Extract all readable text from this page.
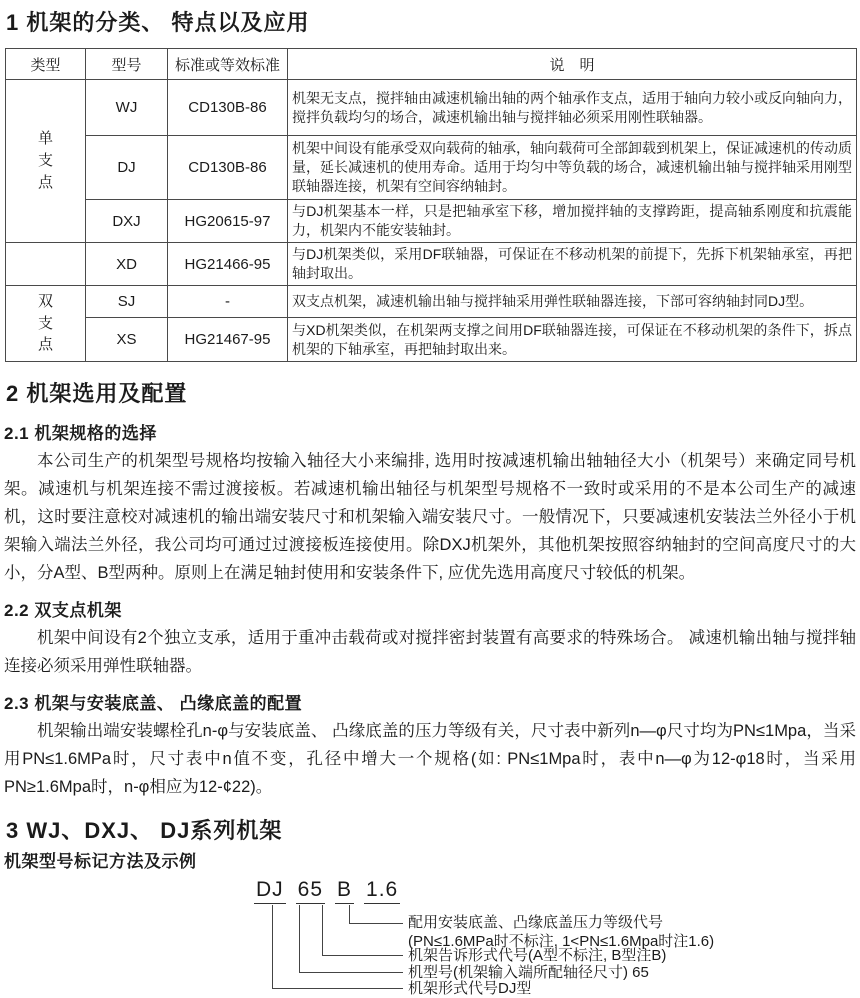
1 机架的分类、 特点以及应用
类型	型号	标准或等效标准	说　明
单支点	WJ	CD130B-86	机架无支点，搅拌轴由减速机输出轴的两个轴承作支点，适用于轴向力较小或反向轴向力，搅拌负载均匀的场合，减速机输出轴与搅拌轴必须采用刚性联轴器。
	DJ	CD130B-86	机架中间设有能承受双向载荷的轴承，轴向载荷可全部卸载到机架上，保证减速机的传动质量，延长减速机的使用寿命。适用于均匀中等负载的场合，减速机输出轴与搅拌轴采用刚型联轴器连接，机架有空间容纳轴封。
	DXJ	HG20615-97	与DJ机架基本一样，只是把轴承室下移，增加搅拌轴的支撑跨距，提高轴系刚度和抗震能力，机架内不能安装轴封。
	XD	HG21466-95	与DJ机架类似，采用DF联轴器，可保证在不移动机架的前提下，先拆下机架轴承室，再把轴封取出。
双支点	SJ	-	双支点机架，减速机输出轴与搅拌轴采用弹性联轴器连接，下部可容纳轴封同DJ型。
	XS	HG21467-95	与XD机架类似，在机架两支撑之间用DF联轴器连接，可保证在不移动机架的条件下，拆点机架的下轴承室，再把轴封取出来。
2 机架选用及配置
2.1 机架规格的选择

本公司生产的机架型号规格均按输入轴径大小来编排, 选用时按减速机输出轴轴径大小（机架号）来确定同号机架。减速机与机架连接不需过渡接板。若减速机输出轴径与机架型号规格不一致时或采用的不是本公司生产的减速机，这时要注意校对减速机的输出端安装尺寸和机架输入端安装尺寸。一般情况下，只要减速机安装法兰外径小于机架输入端法兰外径，我公司均可通过过渡接板连接使用。除DXJ机架外，其他机架按照容纳轴封的空间高度尺寸的大小，分A型、B型两种。原则上在满足轴封使用和安装条件下, 应优先选用高度尺寸较低的机架。

2.2 双支点机架

机架中间设有2个独立支承，适用于重冲击载荷或对搅拌密封装置有高要求的特殊场合。 减速机输出轴与搅拌轴连接必须采用弹性联轴器。

2.3 机架与安装底盖、 凸缘底盖的配置

机架输出端安装螺栓孔n-φ与安装底盖、 凸缘底盖的压力等级有关，尺寸表中新列n—φ尺寸均为PN≤1Mpa，当采用PN≤1.6MPa时，尺寸表中n值不变，孔径中增大一个规格(如: PN≤1Mpa时，表中n—φ为12-φ18时，当采用PN≥1.6Mpa时，n-φ相应为12-¢22)。

3 WJ、DXJ、 DJ系列机架
机架型号标记方法及示例
DJ 65 B 1.6
配用安装底盖、凸缘底盖压力等级代号
(PN≤1.6MPa时不标注, 1<PN≤1.6Mpa时注1.6)
机架告诉形式代号(A型不标注, B型注B)
机型号(机架输入端所配轴径尺寸) 65
机架形式代号DJ型
